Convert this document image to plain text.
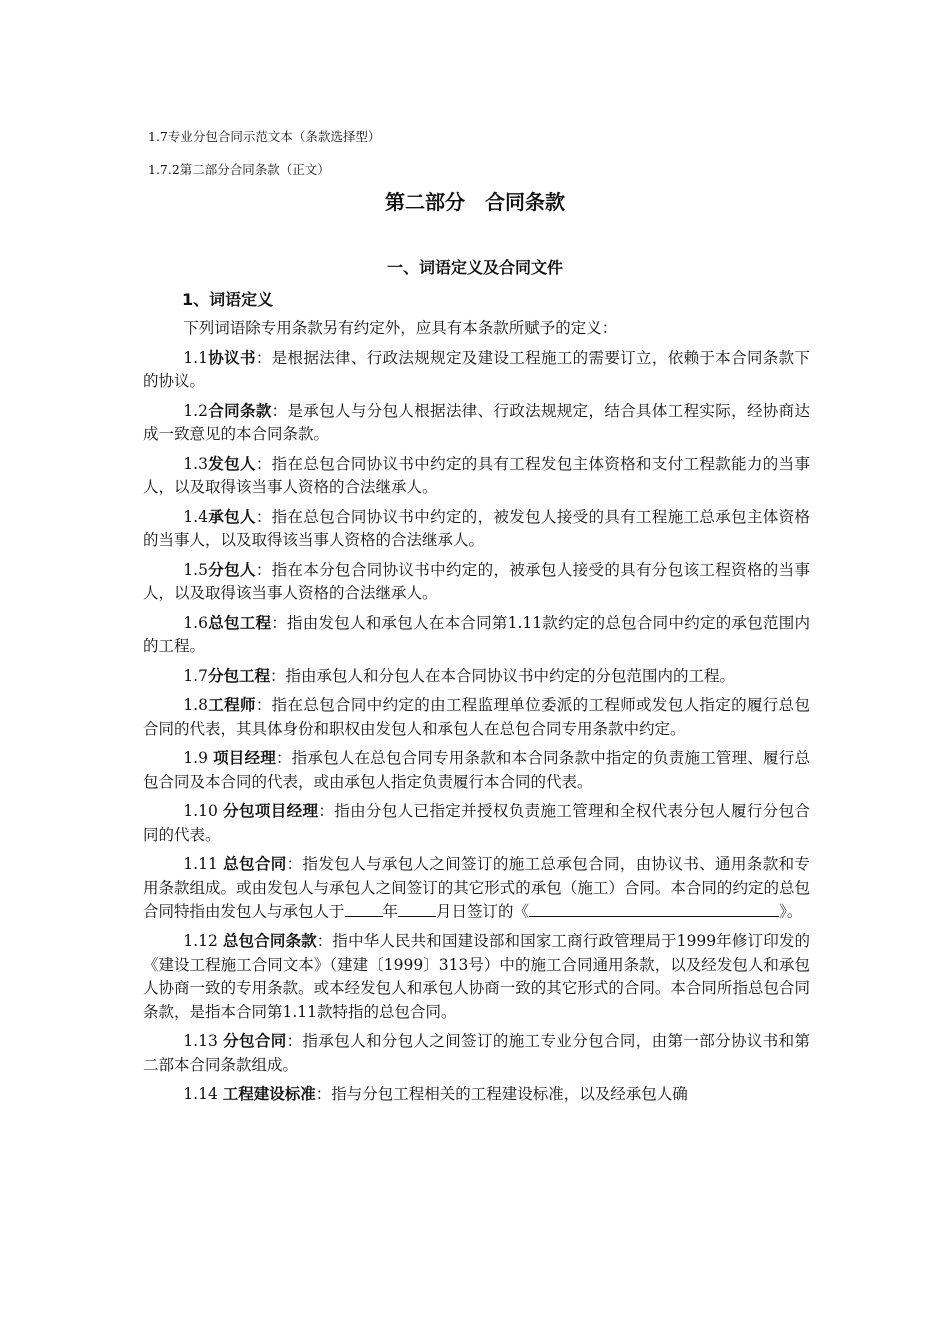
1.7专业分包合同示范文本（条款选择型）
1.7.2第二部分合同条款（正文）
第二部分　合同条款
一、词语定义及合同文件
1、词语定义

下列词语除专用条款另有约定外，应具有本条款所赋予的定义：

1.1协议书：是根据法律、行政法规规定及建设工程施工的需要订立，依赖于本合同条款下的协议。

1.2合同条款：是承包人与分包人根据法律、行政法规规定，结合具体工程实际，经协商达成一致意见的本合同条款。

1.3发包人：指在总包合同协议书中约定的具有工程发包主体资格和支付工程款能力的当事人，以及取得该当事人资格的合法继承人。

1.4承包人：指在总包合同协议书中约定的，被发包人接受的具有工程施工总承包主体资格的当事人，以及取得该当事人资格的合法继承人。

1.5分包人：指在本分包合同协议书中约定的，被承包人接受的具有分包该工程资格的当事人，以及取得该当事人资格的合法继承人。

1.6总包工程：指由发包人和承包人在本合同第1.11款约定的总包合同中约定的承包范围内的工程。

1.7分包工程：指由承包人和分包人在本合同协议书中约定的分包范围内的工程。

1.8工程师：指在总包合同中约定的由工程监理单位委派的工程师或发包人指定的履行总包合同的代表，其具体身份和职权由发包人和承包人在总包合同专用条款中约定。

1.9 项目经理：指承包人在总包合同专用条款和本合同条款中指定的负责施工管理、履行总包合同及本合同的代表，或由承包人指定负责履行本合同的代表。

1.10 分包项目经理：指由分包人已指定并授权负责施工管理和全权代表分包人履行分包合同的代表。

1.11 总包合同：指发包人与承包人之间签订的施工总承包合同，由协议书、通用条款和专用条款组成。或由发包人与承包人之间签订的其它形式的承包（施工）合同。本合同的约定的总包合同特指由发包人与承包人于 年 月日签订的《	》。

1.12 总包合同条款：指中华人民共和国建设部和国家工商行政管理局于1999年修订印发的《建设工程施工合同文本》（建建〔1999〕313号）中的施工合同通用条款，以及经发包人和承包人协商一致的专用条款。或本经发包人和承包人协商一致的其它形式的合同。本合同所指总包合同条款，是指本合同第1.11款特指的总包合同。

1.13 分包合同：指承包人和分包人之间签订的施工专业分包合同，由第一部分协议书和第二部本合同条款组成。

1.14 工程建设标准：指与分包工程相关的工程建设标准，以及经承包人确
